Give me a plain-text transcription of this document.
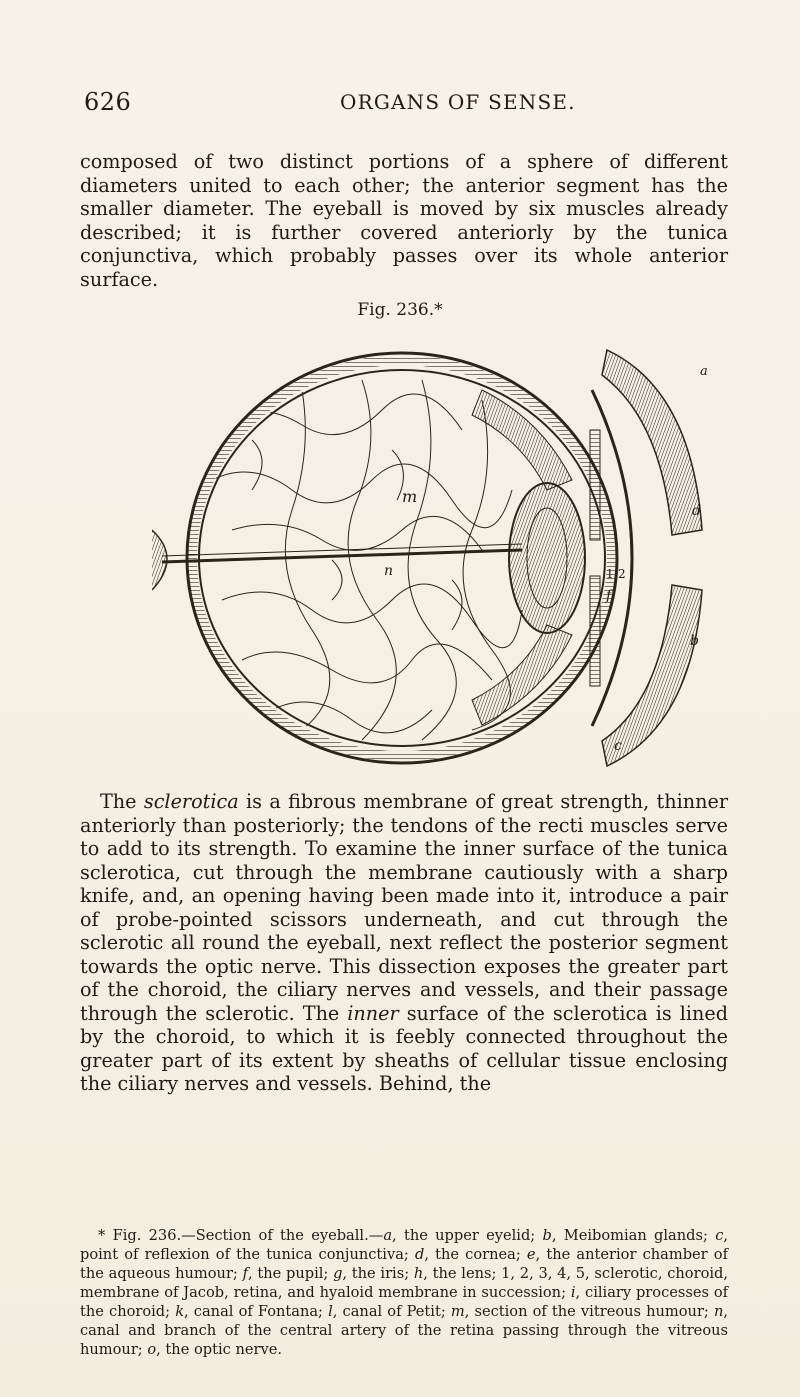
626	ORGANS OF SENSE.

composed of two distinct portions of a sphere of different diameters united to each other; the anterior segment has the smaller diameter. The eyeball is moved by six muscles already described; it is further covered anteriorly by the tunica conjunctiva, which probably passes over its whole anterior surface.

Fig. 236.*
m
n
d
f
b
c
a
1 2

The sclerotica is a fibrous membrane of great strength, thinner anteriorly than posteriorly; the tendons of the recti muscles serve to add to its strength. To examine the inner surface of the tunica sclerotica, cut through the membrane cautiously with a sharp knife, and, an opening having been made into it, introduce a pair of probe-pointed scissors underneath, and cut through the sclerotic all round the eyeball, next reflect the posterior segment towards the optic nerve. This dissection exposes the greater part of the choroid, the ciliary nerves and vessels, and their passage through the sclerotic. The inner surface of the sclerotica is lined by the choroid, to which it is feebly connected throughout the greater part of its extent by sheaths of cellular tissue enclosing the ciliary nerves and vessels. Behind, the

* Fig. 236.—Section of the eyeball.—a, the upper eyelid; b, Meibomian glands; c, point of reflexion of the tunica conjunctiva; d, the cornea; e, the anterior chamber of the aqueous humour; f, the pupil; g, the iris; h, the lens; 1, 2, 3, 4, 5, sclerotic, choroid, membrane of Jacob, retina, and hyaloid membrane in succession; i, ciliary processes of the choroid; k, canal of Fontana; l, canal of Petit; m, section of the vitreous humour; n, canal and branch of the central artery of the retina passing through the vitreous humour; o, the optic nerve.
